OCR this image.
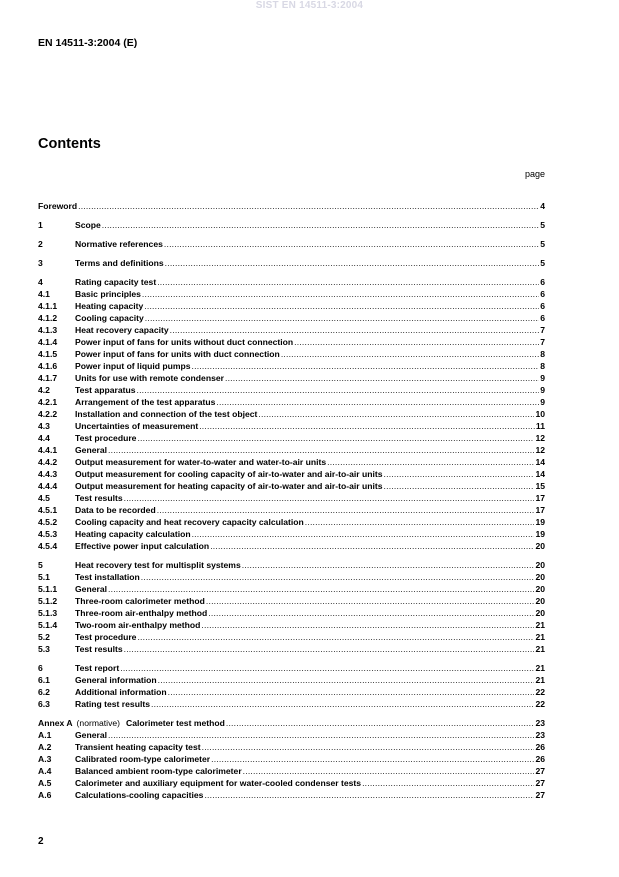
SIST EN 14511-3:2004
EN 14511-3:2004 (E)
Contents
page
Foreword .....	4
1	Scope .....	5
2	Normative references .....	5
3	Terms and definitions .....	5
4	Rating capacity test .....	6
4.1	Basic principles .....	6
4.1.1	Heating capacity .....	6
4.1.2	Cooling capacity .....	6
4.1.3	Heat recovery capacity .....	7
4.1.4	Power input of fans for units without duct connection .....	7
4.1.5	Power input of fans for units with duct connection .....	8
4.1.6	Power input of liquid pumps .....	8
4.1.7	Units for use with remote condenser .....	9
4.2	Test apparatus .....	9
4.2.1	Arrangement of the test apparatus .....	9
4.2.2	Installation and connection of the test object .....	10
4.3	Uncertainties of measurement .....	11
4.4	Test procedure .....	12
4.4.1	General .....	12
4.4.2	Output measurement for water-to-water and water-to-air units .....	14
4.4.3	Output measurement for cooling capacity of air-to-water and air-to-air units .....	14
4.4.4	Output measurement for heating capacity of air-to-water and air-to-air units .....	15
4.5	Test results .....	17
4.5.1	Data to be recorded .....	17
4.5.2	Cooling capacity and heat recovery capacity calculation .....	19
4.5.3	Heating capacity calculation .....	19
4.5.4	Effective power input calculation .....	20
5	Heat recovery test for multisplit systems .....	20
5.1	Test installation .....	20
5.1.1	General .....	20
5.1.2	Three-room calorimeter method .....	20
5.1.3	Three-room air-enthalpy method .....	20
5.1.4	Two-room air-enthalpy method .....	21
5.2	Test procedure .....	21
5.3	Test results .....	21
6	Test report .....	21
6.1	General information .....	21
6.2	Additional information .....	22
6.3	Rating test results .....	22
Annex A (normative) Calorimeter test method .....	23
A.1	General .....	23
A.2	Transient heating capacity test .....	26
A.3	Calibrated room-type calorimeter .....	26
A.4	Balanced ambient room-type calorimeter .....	27
A.5	Calorimeter and auxiliary equipment for water-cooled condenser tests .....	27
A.6	Calculations-cooling capacities .....	27
2
